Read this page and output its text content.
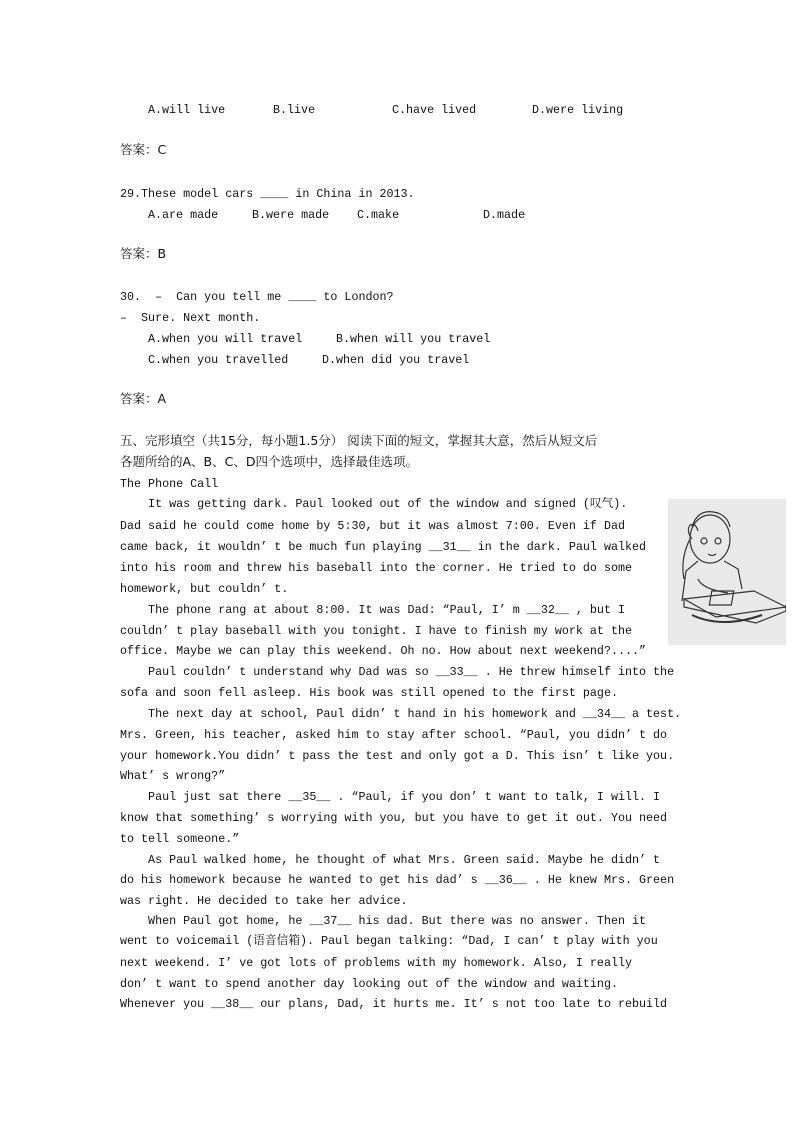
A.will live	B.live	C.have lived	D.were living
答案：C
29.These model cars ____ in China in 2013.
A.are made	B.were made C.make	D.made
答案：B
30.  –  Can you tell me ____ to London?
–  Sure. Next month.
A.when you will travel	B.when will you travel
C.when you travelled	D.when did you travel
答案：A
五、完形填空（共15分，每小题1.5分） 阅读下面的短文，掌握其大意，然后从短文后
各题所给的A、B、C、D四个选项中，选择最佳选项。
The Phone Call
It was getting dark. Paul looked out of the window and signed (叹气).
Dad said he could come home by 5:30, but it was almost 7:00. Even if Dad
came back, it wouldn’ t be much fun playing __31__ in the dark. Paul walked
into his room and threw his baseball into the corner. He tried to do some
homework, but couldn’ t.
The phone rang at about 8:00. It was Dad: “Paul, I’ m __32__ , but I
couldn’ t play baseball with you tonight. I have to finish my work at the
office. Maybe we can play this weekend. Oh no. How about next weekend?....”
Paul couldn’ t understand why Dad was so __33__ . He threw himself into the
sofa and soon fell asleep. His book was still opened to the first page.
The next day at school, Paul didn’ t hand in his homework and __34__ a test.
Mrs. Green, his teacher, asked him to stay after school. “Paul, you didn’ t do
your homework.You didn’ t pass the test and only got a D. This isn’ t like you.
What’ s wrong?”
Paul just sat there __35__ . “Paul, if you don’ t want to talk, I will. I
know that something’ s worrying with you, but you have to get it out. You need
to tell someone.”
As Paul walked home, he thought of what Mrs. Green said. Maybe he didn’ t
do his homework because he wanted to get his dad’ s __36__ . He knew Mrs. Green
was right. He decided to take her advice.
When Paul got home, he __37__ his dad. But there was no answer. Then it
went to voicemail (语音信箱). Paul began talking: “Dad, I can’ t play with you
next weekend. I’ ve got lots of problems with my homework. Also, I really
don’ t want to spend another day looking out of the window and waiting.
Whenever you __38__ our plans, Dad, it hurts me. It’ s not too late to rebuild
